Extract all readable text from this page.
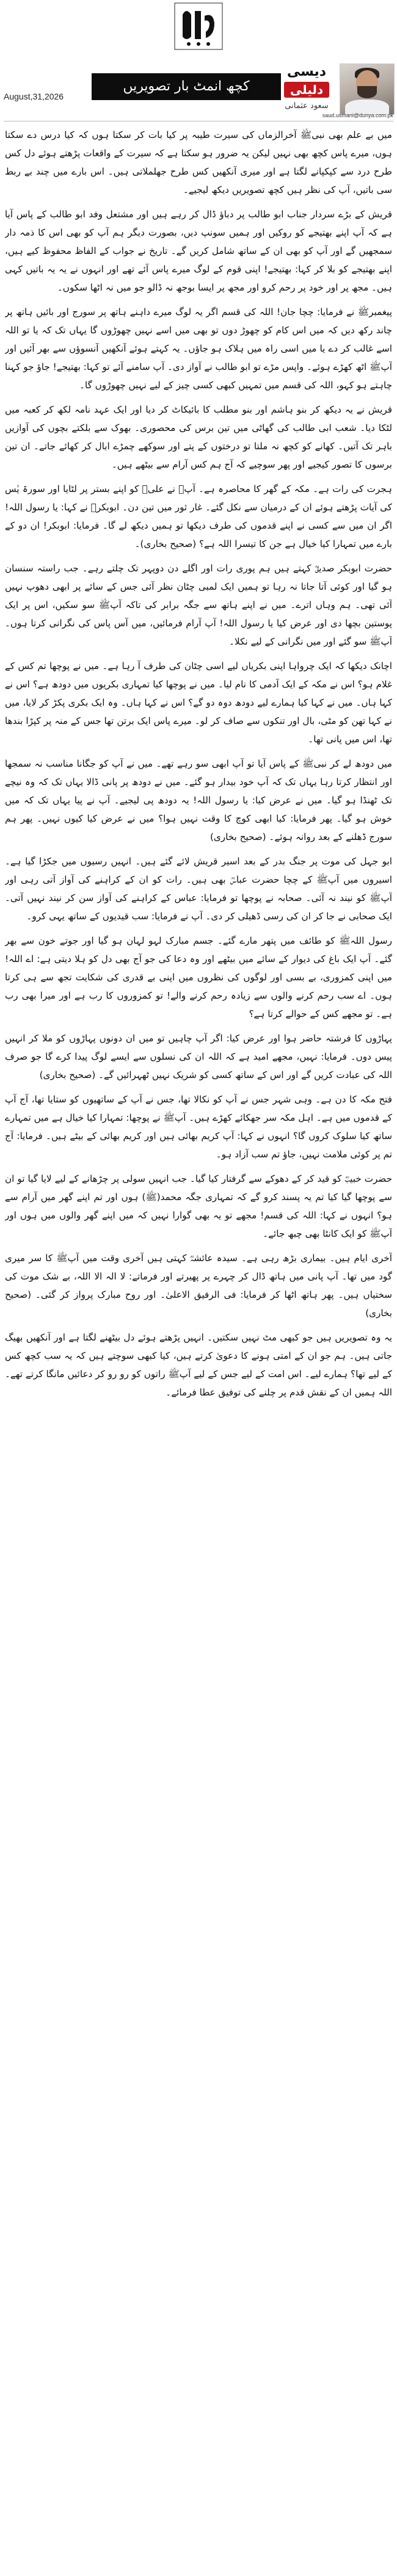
دیسی
دلیلی
سعود عثمانی
کچھ انمٹ بار تصویریں
August,31,2026
saud.usmani@dunya.com.pk

میں بے علم بھی نبیﷺ آخرالزماں کی سیرت طیبہ پر کیا بات کر سکتا ہوں کہ کیا درس دے سکتا ہوں، میرے پاس کچھ بھی نہیں لیکن یہ ضرور ہو سکتا ہے کہ سیرت کے واقعات پڑھتے ہوئے دل کس طرح درد سے کپکپانے لگتا ہے اور میری آنکھیں کس طرح جھلملاتی ہیں۔ اس بارے میں چند بے ربط سی باتیں، آپ کی نظر ہیں کچھ تصویریں دیکھ لیجیے۔

قریش کے بڑے سردار جناب ابو طالب پر دباؤ ڈال کر رہے ہیں اور مشتعل وفد ابو طالب کے پاس آیا ہے کہ آپ اپنے بھتیجے کو روکیں اور ہمیں سونپ دیں، بصورت دیگر ہم آپ کو بھی اس کا ذمہ دار سمجھیں گے اور آپ کو بھی ان کے ساتھ شامل کریں گے۔ تاریخ نے جواب کے الفاظ محفوظ کیے ہیں، اپنے بھتیجے کو بلا کر کہا: بھتیجے! اپنی قوم کے لوگ میرے پاس آئے تھے اور انہوں نے یہ یہ باتیں کہی ہیں۔ مجھ پر اور خود پر رحم کرو اور مجھ پر ایسا بوجھ نہ ڈالو جو میں نہ اٹھا سکوں۔

پیغمبرﷺ نے فرمایا: چچا جان! اللہ کی قسم اگر یہ لوگ میرے داہنے ہاتھ پر سورج اور بائیں ہاتھ پر چاند رکھ دیں کہ میں اس کام کو چھوڑ دوں تو بھی میں اسے نہیں چھوڑوں گا یہاں تک کہ یا تو اللہ اسے غالب کر دے یا میں اسی راہ میں ہلاک ہو جاؤں۔ یہ کہتے ہوئے آنکھیں آنسوؤں سے بھر آئیں اور آپﷺ اٹھ کھڑے ہوئے۔ واپس مڑے تو ابو طالب نے آواز دی۔ آپ سامنے آئے تو کہا: بھتیجے! جاؤ جو کہنا چاہتے ہو کہو، اللہ کی قسم میں تمہیں کبھی کسی چیز کے لیے نہیں چھوڑوں گا۔

قریش نے یہ دیکھ کر بنو ہاشم اور بنو مطلب کا بائیکاٹ کر دیا اور ایک عہد نامہ لکھ کر کعبہ میں لٹکا دیا۔ شعب ابی طالب کی گھاٹی میں تین برس کی محصوری۔ بھوک سے بلکتے بچوں کی آوازیں باہر تک آتیں۔ کھانے کو کچھ نہ ملتا تو درختوں کے پتے اور سوکھے چمڑے ابال کر کھائے جاتے۔ ان تین برسوں کا تصور کیجیے اور پھر سوچیے کہ آج ہم کس آرام سے بیٹھے ہیں۔

ہجرت کی رات ہے۔ مکہ کے گھر کا محاصرہ ہے۔ آپﷺ نے علیؓ کو اپنے بستر پر لٹایا اور سورۃ یٰس کی آیات پڑھتے ہوئے ان کے درمیان سے نکل گئے۔ غار ثور میں تین دن۔ ابوبکرؓ نے کہا: یا رسول اللہ! اگر ان میں سے کسی نے اپنے قدموں کی طرف دیکھا تو ہمیں دیکھ لے گا۔ فرمایا: ابوبکر! ان دو کے بارے میں تمہارا کیا خیال ہے جن کا تیسرا اللہ ہے؟ (صحیح بخاری)۔

حضرت ابوبکر صدیقؓ کہتے ہیں ہم پوری رات اور اگلے دن دوپہر تک چلتے رہے۔ جب راستہ سنسان ہو گیا اور کوئی آتا جاتا نہ رہا تو ہمیں ایک لمبی چٹان نظر آئی جس کے سائے پر ابھی دھوپ نہیں آئی تھی۔ ہم وہاں اترے۔ میں نے اپنے ہاتھ سے جگہ برابر کی تاکہ آپﷺ سو سکیں، اس پر ایک پوستین بچھا دی اور عرض کیا یا رسول اللہ! آپ آرام فرمائیں، میں آس پاس کی نگرانی کرتا ہوں۔ آپﷺ سو گئے اور میں نگرانی کے لیے نکلا۔

اچانک دیکھا کہ ایک چرواہا اپنی بکریاں لیے اسی چٹان کی طرف آ رہا ہے۔ میں نے پوچھا تم کس کے غلام ہو؟ اس نے مکہ کے ایک آدمی کا نام لیا۔ میں نے پوچھا کیا تمہاری بکریوں میں دودھ ہے؟ اس نے کہا ہاں۔ میں نے کہا کیا ہمارے لیے دودھ دوہ دو گے؟ اس نے کہا ہاں۔ وہ ایک بکری پکڑ کر لایا، میں نے کہا تھن کو مٹی، بال اور تنکوں سے صاف کر لو۔ میرے پاس ایک برتن تھا جس کے منہ پر کپڑا بندھا تھا، اس میں پانی تھا۔

میں دودھ لے کر نبیﷺ کے پاس آیا تو آپ ابھی سو رہے تھے۔ میں نے آپ کو جگانا مناسب نہ سمجھا اور انتظار کرتا رہا یہاں تک کہ آپ خود بیدار ہو گئے۔ میں نے دودھ پر پانی ڈالا یہاں تک کہ وہ نیچے تک ٹھنڈا ہو گیا۔ میں نے عرض کیا: یا رسول اللہ! یہ دودھ پی لیجیے۔ آپ نے پیا یہاں تک کہ میں خوش ہو گیا۔ پھر فرمایا: کیا ابھی کوچ کا وقت نہیں ہوا؟ میں نے عرض کیا کیوں نہیں۔ پھر ہم سورج ڈھلنے کے بعد روانہ ہوئے۔ (صحیح بخاری)

ابو جہل کی موت پر جنگ بدر کے بعد اسیر قریش لائے گئے ہیں۔ انہیں رسیوں میں جکڑا گیا ہے۔ اسیروں میں آپﷺ کے چچا حضرت عباسؓ بھی ہیں۔ رات کو ان کے کراہنے کی آواز آتی رہی اور آپﷺ کو نیند نہ آئی۔ صحابہ نے پوچھا تو فرمایا: عباس کے کراہنے کی آواز سن کر نیند نہیں آتی۔ ایک صحابی نے جا کر ان کی رسی ڈھیلی کر دی۔ آپ نے فرمایا: سب قیدیوں کے ساتھ یہی کرو۔

رسول اللہﷺ کو طائف میں پتھر مارے گئے۔ جسم مبارک لہو لہان ہو گیا اور جوتے خون سے بھر گئے۔ آپ ایک باغ کی دیوار کے سائے میں بیٹھے اور وہ دعا کی جو آج بھی دل کو ہلا دیتی ہے: اے اللہ! میں اپنی کمزوری، بے بسی اور لوگوں کی نظروں میں اپنی بے قدری کی شکایت تجھ سے ہی کرتا ہوں۔ اے سب رحم کرنے والوں سے زیادہ رحم کرنے والے! تو کمزوروں کا رب ہے اور میرا بھی رب ہے۔ تو مجھے کس کے حوالے کرتا ہے؟

پہاڑوں کا فرشتہ حاضر ہوا اور عرض کیا: اگر آپ چاہیں تو میں ان دونوں پہاڑوں کو ملا کر انہیں پیس دوں۔ فرمایا: نہیں، مجھے امید ہے کہ اللہ ان کی نسلوں سے ایسے لوگ پیدا کرے گا جو صرف اللہ کی عبادت کریں گے اور اس کے ساتھ کسی کو شریک نہیں ٹھہرائیں گے۔ (صحیح بخاری)

فتح مکہ کا دن ہے۔ وہی شہر جس نے آپ کو نکالا تھا، جس نے آپ کے ساتھیوں کو ستایا تھا، آج آپ کے قدموں میں ہے۔ اہل مکہ سر جھکائے کھڑے ہیں۔ آپﷺ نے پوچھا: تمہارا کیا خیال ہے میں تمہارے ساتھ کیا سلوک کروں گا؟ انہوں نے کہا: آپ کریم بھائی ہیں اور کریم بھائی کے بیٹے ہیں۔ فرمایا: آج تم پر کوئی ملامت نہیں، جاؤ تم سب آزاد ہو۔

حضرت خبیبؓ کو قید کر کے دھوکے سے گرفتار کیا گیا۔ جب انہیں سولی پر چڑھانے کے لیے لایا گیا تو ان سے پوچھا گیا کیا تم یہ پسند کرو گے کہ تمہاری جگہ محمد(ﷺ) ہوں اور تم اپنے گھر میں آرام سے ہو؟ انہوں نے کہا: اللہ کی قسم! مجھے تو یہ بھی گوارا نہیں کہ میں اپنے گھر والوں میں ہوں اور آپﷺ کو ایک کانٹا بھی چبھ جائے۔

آخری ایام ہیں۔ بیماری بڑھ رہی ہے۔ سیدہ عائشہؓ کہتی ہیں آخری وقت میں آپﷺ کا سر میری گود میں تھا۔ آپ پانی میں ہاتھ ڈال کر چہرے پر پھیرتے اور فرماتے: لا الہ الا اللہ، بے شک موت کی سختیاں ہیں۔ پھر ہاتھ اٹھا کر فرمایا: فی الرفیق الاعلیٰ۔ اور روح مبارک پرواز کر گئی۔ (صحیح بخاری)

یہ وہ تصویریں ہیں جو کبھی مٹ نہیں سکتیں۔ انہیں پڑھتے ہوئے دل بیٹھنے لگتا ہے اور آنکھیں بھیگ جاتی ہیں۔ ہم جو ان کے امتی ہونے کا دعویٰ کرتے ہیں، کیا کبھی سوچتے ہیں کہ یہ سب کچھ کس کے لیے تھا؟ ہمارے لیے۔ اس امت کے لیے جس کے لیے آپﷺ راتوں کو رو رو کر دعائیں مانگا کرتے تھے۔ اللہ ہمیں ان کے نقش قدم پر چلنے کی توفیق عطا فرمائے۔
